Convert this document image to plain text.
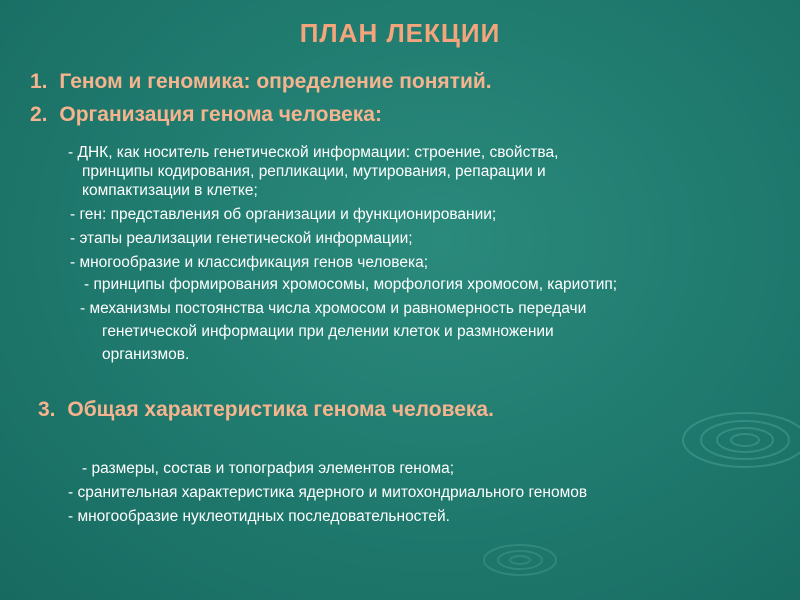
ПЛАН ЛЕКЦИИ
1. Геном и геномика: определение понятий.
2. Организация генома человека:
- ДНК, как носитель генетической информации: строение, свойства,
принципы кодирования, репликации, мутирования, репарации и
компактизации в клетке;
- ген: представления об организации и функционировании;
- этапы реализации генетической информации;
- многообразие и классификация генов человека;
- принципы формирования хромосомы, морфология хромосом, кариотип;
- механизмы постоянства числа хромосом и равномерность передачи
генетической информации при делении клеток и размножении
организмов.
3. Общая характеристика генома человека.
- размеры, состав и топография элементов генома;
- сранительная характеристика ядерного и митохондриального геномов
- многообразие нуклеотидных последовательностей.
